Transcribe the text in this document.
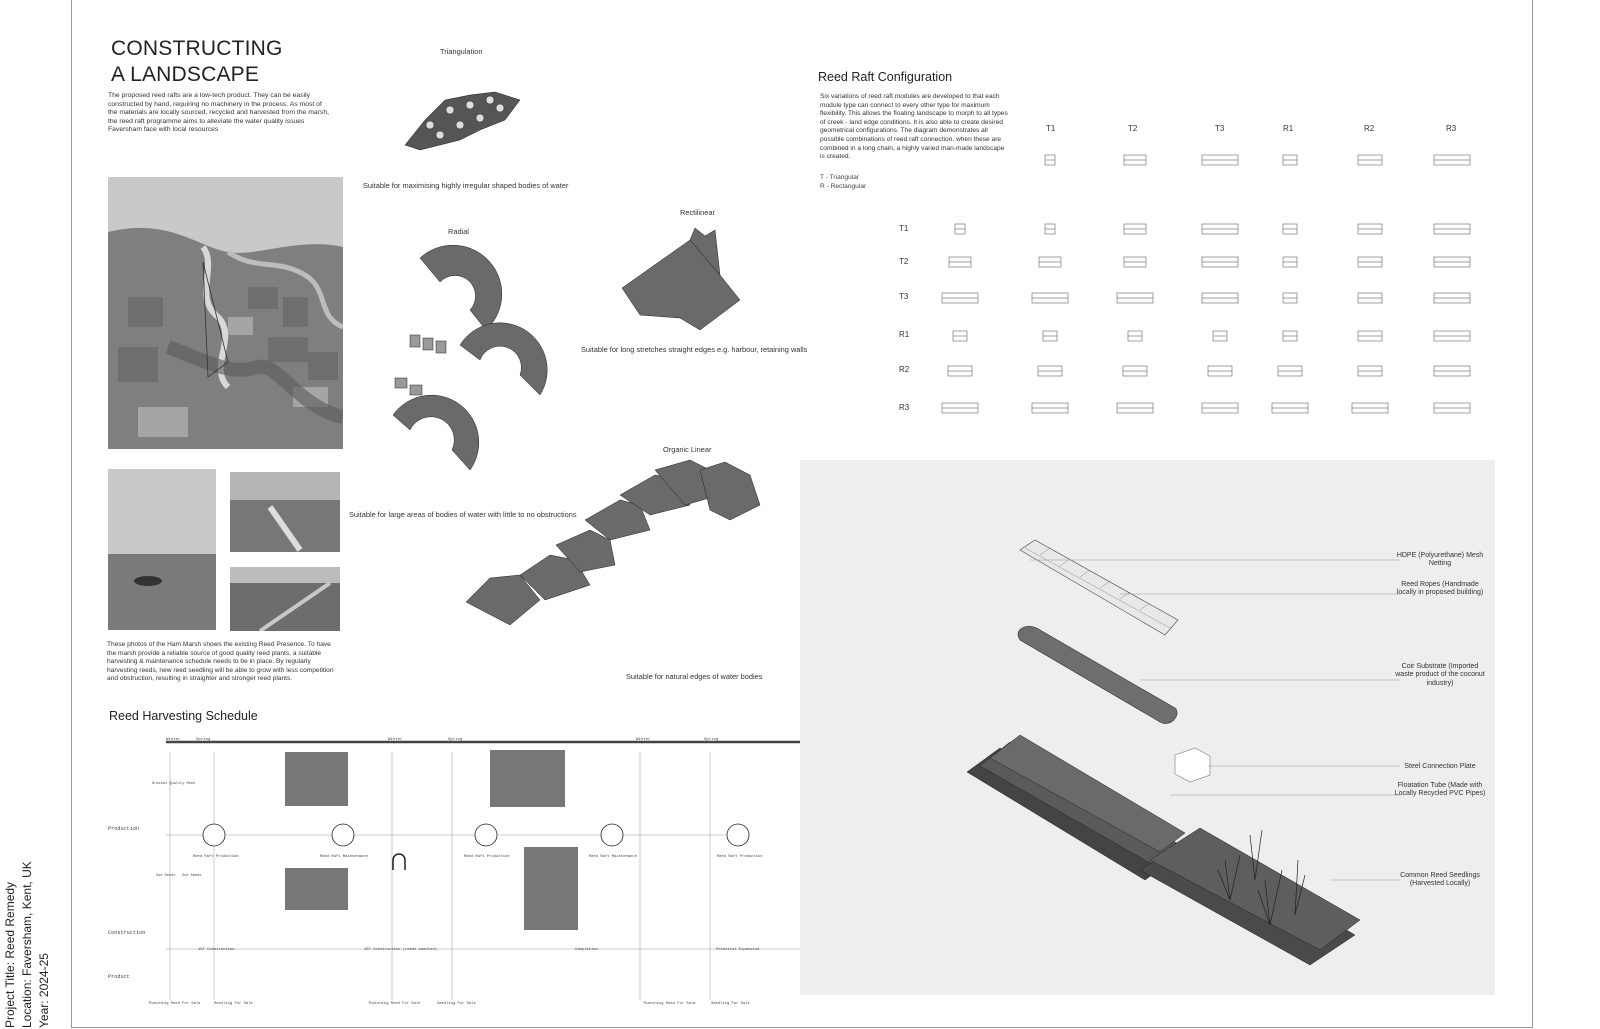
CONSTRUCTING
A LANDSCAPE
The proposed reed rafts are a low-tech product. They can be easily constructed by hand, requiring no machinery in the process. As most of the materials are locally sourced, recycled and harvested from the marsh, the reed raft programme aims to alleviate the water quality issues Faversham face with local resources
These photos of the Ham Marsh shows the existing Reed Presence. To have the marsh provide a reliable source of good quality reed plants, a suitable harvesting & maintenance schedule needs to be in place. By regularly harvesting reeds, new reed seedling will be able to grow with less competition and obstruction, resulting in straighter and stronger reed plants.
Triangulation
Suitable for maximising highly irregular shaped bodies of water
Radial
Rectilinear
Suitable for long stretches straight edges e.g. harbour, retaining walls
Suitable for large areas of bodies of water with little to no obstructions
Organic Linear
Suitable for natural edges of water bodies
Reed Raft Configuration
Six variations of reed raft modules are developed to that each module type can connect to every other type for maximum flexibility. This allows the floating landscape to morph to all types of creek - land edge conditions. It is also able to create desired geometrical configurations. The diagram demonstrates all possible combinations of reed raft connection, when these are combined in a long chain, a highly varied man-made landscape is created.
T - Triangular
R - Rectangular
T1	T2	T3	R1	R2	R3
T1
T2
T3
R1
R2
R3
HDPE (Polyurethane) Mesh Netting
Reed Ropes (Handmade locally in proposed building)
Coir Substrate (Imported waste product of the coconut industry)
Steel Connection Plate
Floatation Tube (Made with Locally Recycled PVC Pipes)
Common Reed Seedlings (Harvested Locally)
Reed Harvesting Schedule
Production
Construction
Product
Winter	Spring	Winter	Spring	Winter	Spring
Reed Raft Production	Reed Raft Maintenance	Reed Raft Production	Reed Raft Maintenance	Reed Raft Production
1ST Construction	1ST Construction (reeds seedled)	Completion	Potential Expansion
Thatching Reed For Sale	Seedling For Sale	Thatching Reed For Sale	Seedling For Sale	Thatching Reed For Sale	Seedling For Sale
Grasses Quality Reed
Use Reeds Use Seeds
Project Title: Reed Remedy Location: Faversham, Kent, UK Year: 2024-25
